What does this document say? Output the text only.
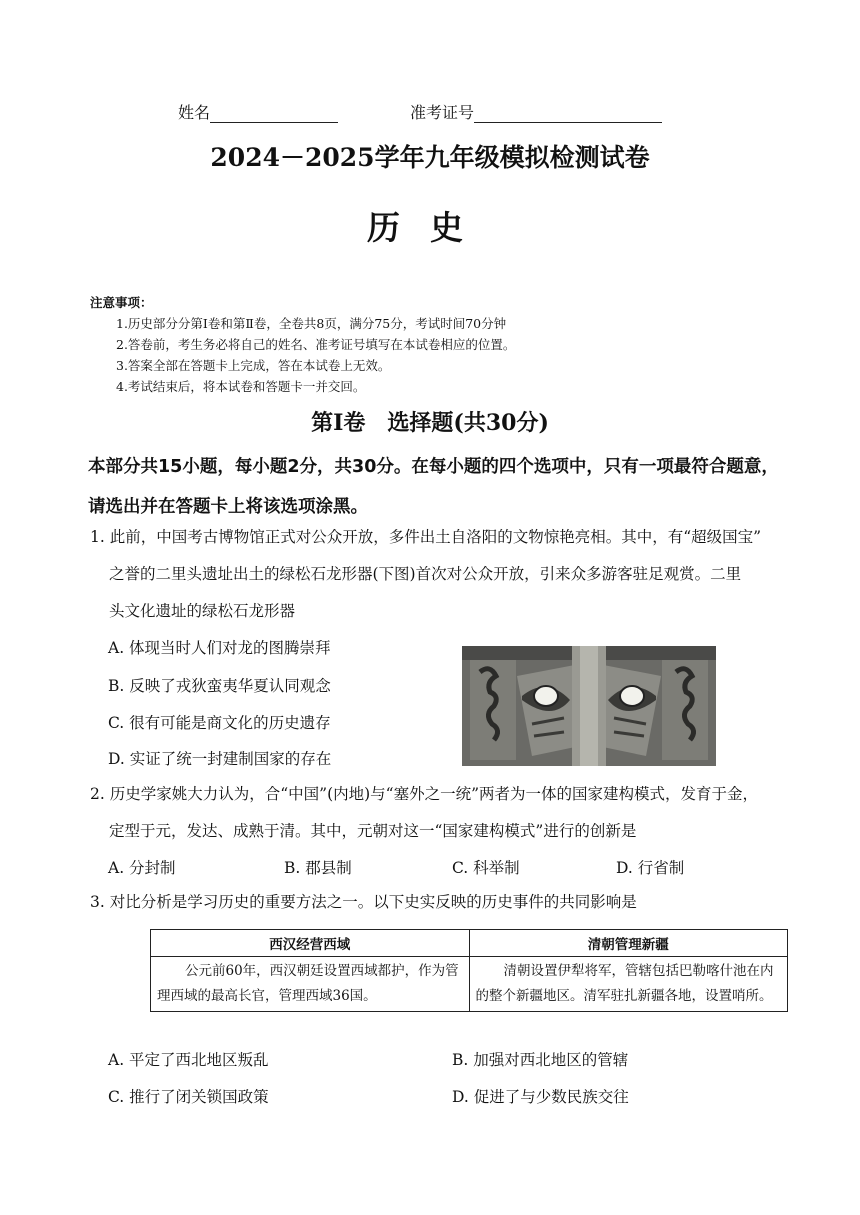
姓名	准考证号
2024－2025学年九年级模拟检测试卷
历史
注意事项：
1.历史部分分第Ⅰ卷和第Ⅱ卷，全卷共8页，满分75分，考试时间70分钟
2.答卷前，考生务必将自己的姓名、准考证号填写在本试卷相应的位置。
3.答案全部在答题卡上完成，答在本试卷上无效。
4.考试结束后，将本试卷和答题卡一并交回。
第Ⅰ卷　选择题(共30分)
本部分共15小题，每小题2分，共30分。在每小题的四个选项中，只有一项最符合题意，请选出并在答题卡上将该选项涂黑。
1. 此前，中国考古博物馆正式对公众开放，多件出土自洛阳的文物惊艳亮相。其中，有“超级国宝”
之誉的二里头遗址出土的绿松石龙形器(下图)首次对公众开放，引来众多游客驻足观赏。二里
头文化遗址的绿松石龙形器
A. 体现当时人们对龙的图腾崇拜
B. 反映了戎狄蛮夷华夏认同观念
C. 很有可能是商文化的历史遗存
D. 实证了统一封建制国家的存在
2. 历史学家姚大力认为，合“中国”(内地)与“塞外之一统”两者为一体的国家建构模式，发育于金，
定型于元，发达、成熟于清。其中，元朝对这一“国家建构模式”进行的创新是
A. 分封制	B. 郡县制	C. 科举制	D. 行省制
3. 对比分析是学习历史的重要方法之一。以下史实反映的历史事件的共同影响是
西汉经营西域	清朝管理新疆
公元前60年，西汉朝廷设置西域都护，作为管理西域的最高长官，管理西域36国。	清朝设置伊犁将军，管辖包括巴勒喀什池在内的整个新疆地区。清军驻扎新疆各地，设置哨所。
A. 平定了西北地区叛乱	B. 加强对西北地区的管辖
C. 推行了闭关锁国政策	D. 促进了与少数民族交往
